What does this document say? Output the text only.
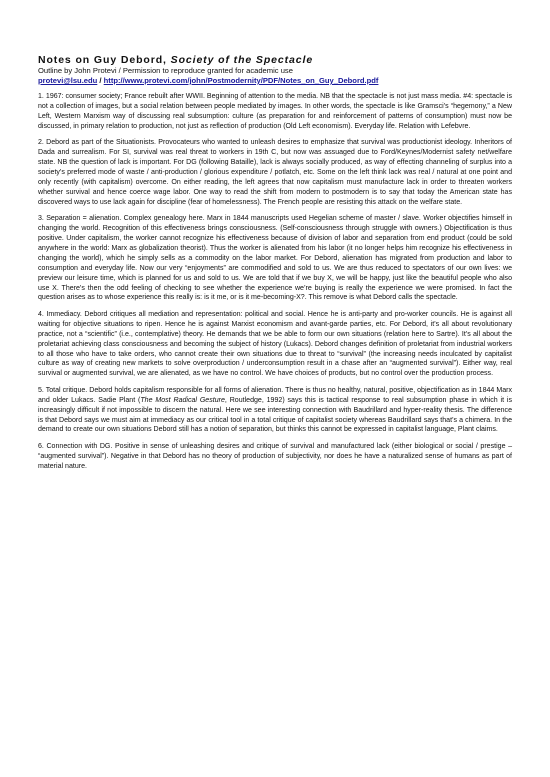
Notes on Guy Debord, Society of the Spectacle

Outline by John Protevi / Permission to reproduce granted for academic use

protevi@lsu.edu / http://www.protevi.com/john/Postmodernity/PDF/Notes_on_Guy_Debord.pdf

1. 1967: consumer society; France rebuilt after WWII. Beginning of attention to the media. NB that the spectacle is not just mass media. #4: spectacle is not a collection of images, but a social relation between people mediated by images. In other words, the spectacle is like Gramsci’s “hegemony,” a New Left, Western Marxism way of discussing real subsumption: culture (as preparation for and reinforcement of patterns of consumption) must now be discussed, in primary relation to production, not just as reflection of production (Old Left economism). Everyday life. Relation with Lefebvre.

2. Debord as part of the Situationists. Provocateurs who wanted to unleash desires to emphasize that survival was productionist ideology. Inheritors of Dada and surrealism. For SI, survival was real threat to workers in 19th C, but now was assuaged due to Ford/Keynes/Modernist safety net/welfare state. NB the question of lack is important. For DG (following Bataille), lack is always socially produced, as way of effecting channeling of surplus into a society’s preferred mode of waste / anti-production / glorious expenditure / potlatch, etc. Some on the left think lack was real / natural at one point and only recently (with capitalism) overcome. On either reading, the left agrees that now capitalism must manufacture lack in order to threaten workers whether survival and hence coerce wage labor. One way to read the shift from modern to postmodern is to say that today the American state has discovered ways to use lack again for discipline (fear of homelessness). The French people are resisting this attack on the welfare state.

3. Separation = alienation. Complex genealogy here. Marx in 1844 manuscripts used Hegelian scheme of master / slave. Worker objectifies himself in changing the world. Recognition of this effectiveness brings consciousness. (Self-consciousness through struggle with owners.) Objectification is thus positive. Under capitalism, the worker cannot recognize his effectiveness because of division of labor and separation from end product (could be sold anywhere in the world: Marx as globalization theorist). Thus the worker is alienated from his labor (it no longer helps him recognize his effectiveness in changing the world), which he simply sells as a commodity on the labor market. For Debord, alienation has migrated from production and labor to consumption and everyday life. Now our very “enjoyments” are commodified and sold to us. We are thus reduced to spectators of our own lives: we preview our leisure time, which is planned for us and sold to us. We are told that if we buy X, we will be happy, just like the beautiful people who also use X. There’s then the odd feeling of checking to see whether the experience we’re buying is really the experience we were promised. In fact the question arises as to whose experience this really is: is it me, or is it me-becoming-X?. This remove is what Debord calls the spectacle.

4. Immediacy. Debord critiques all mediation and representation: political and social. Hence he is anti-party and pro-worker councils. He is against all waiting for objective situations to ripen. Hence he is against Marxist economism and avant-garde parties, etc. For Debord, it’s all about revolutionary practice, not a “scientific” (i.e., contemplative) theory. He demands that we be able to form our own situations (relation here to Sartre). It’s all about the proletariat achieving class consciousness and becoming the subject of history (Lukacs). Debord changes definition of proletariat from industrial workers to all those who have to take orders, who cannot create their own situations due to threat to “survival” (the increasing needs inculcated by capitalist culture as way of creating new markets to solve overproduction / underconsumption result in a chase after an “augmented survival”). Either way, real survival or augmented survival, we are alienated, as we have no control. We have choices of products, but no control over the production process.

5. Total critique. Debord holds capitalism responsible for all forms of alienation. There is thus no healthy, natural, positive, objectification as in 1844 Marx and older Lukacs. Sadie Plant (The Most Radical Gesture, Routledge, 1992) says this is tactical response to real subsumption phase in which it is increasingly difficult if not impossible to discern the natural. Here we see interesting connection with Baudrillard and hyper-reality thesis. The difference is that Debord says we must aim at immediacy as our critical tool in a total critique of capitalist society whereas Baudrillard says that’s a chimera. In the demand to create our own situations Debord still has a notion of separation, but thinks this cannot be expressed in capitalist language, Plant claims.

6. Connection with DG. Positive in sense of unleashing desires and critique of survival and manufactured lack (either biological or social / prestige – “augmented survival”). Negative in that Debord has no theory of production of subjectivity, nor does he have a naturalized sense of humans as part of material nature.
